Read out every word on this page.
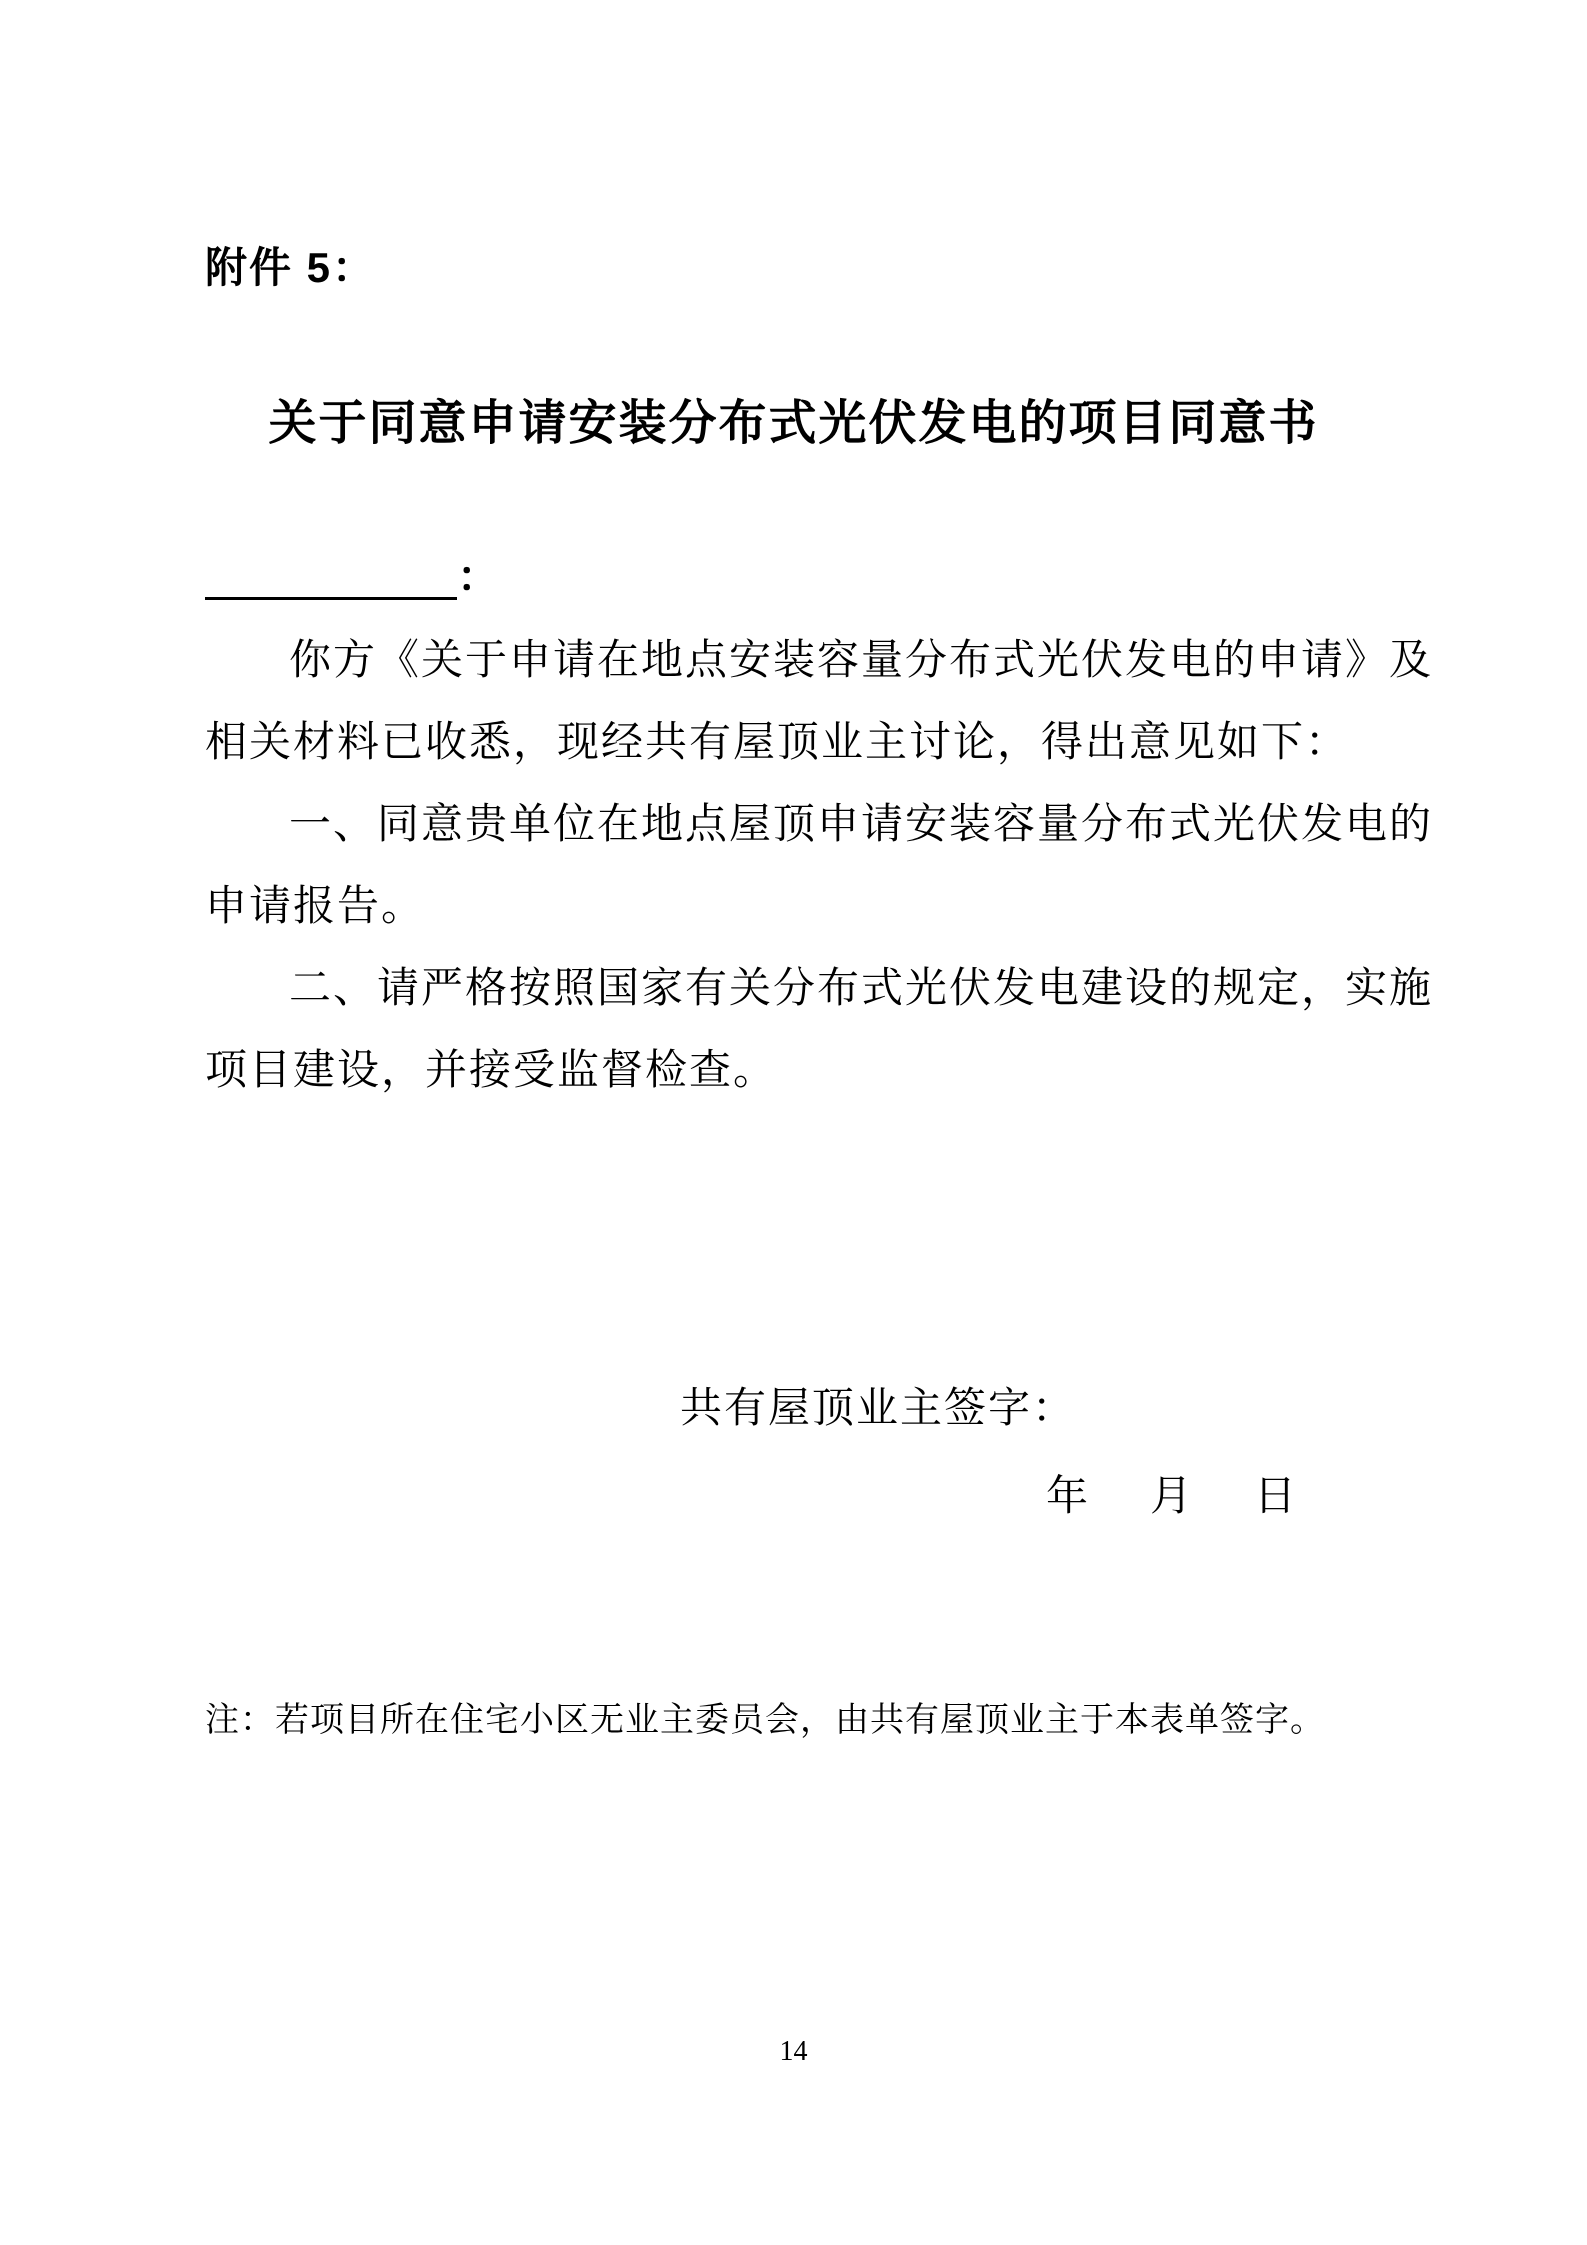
附件 5：
关于同意申请安装分布式光伏发电的项目同意书
：
你方《关于申请在地点安装容量分布式光伏发电的申请》及
相关材料已收悉，现经共有屋顶业主讨论，得出意见如下：
一、同意贵单位在地点屋顶申请安装容量分布式光伏发电的
申请报告。
二、请严格按照国家有关分布式光伏发电建设的规定，实施
项目建设，并接受监督检查。
共有屋顶业主签字：
年 月 日
注：若项目所在住宅小区无业主委员会，由共有屋顶业主于本表单签字。
14
